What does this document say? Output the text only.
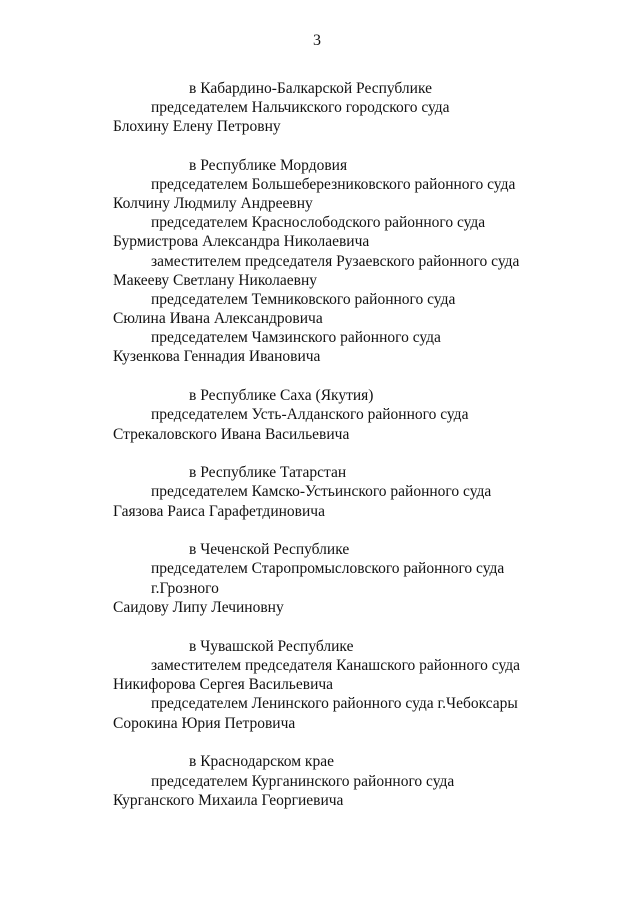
3
в Кабардино-Балкарской Республике
председателем Нальчикского городского суда
Блохину Елену Петровну
в Республике Мордовия
председателем Большеберезниковского районного суда
Колчину Людмилу Андреевну
председателем Краснослободского районного суда
Бурмистрова Александра Николаевича
заместителем председателя Рузаевского районного суда
Макееву Светлану Николаевну
председателем Темниковского районного суда
Сюлина Ивана Александровича
председателем Чамзинского районного суда
Кузенкова Геннадия Ивановича
в Республике Саха (Якутия)
председателем Усть-Алданского районного суда
Стрекаловского Ивана Васильевича
в Республике Татарстан
председателем Камско-Устьинского районного суда
Гаязова Раиса Гарафетдиновича
в Чеченской Республике
председателем Старопромысловского районного суда
г.Грозного
Саидову Липу Лечиновну
в Чувашской Республике
заместителем председателя Канашского районного суда
Никифорова Сергея Васильевича
председателем Ленинского районного суда г.Чебоксары
Сорокина Юрия Петровича
в Краснодарском крае
председателем Курганинского районного суда
Курганского Михаила Георгиевича
